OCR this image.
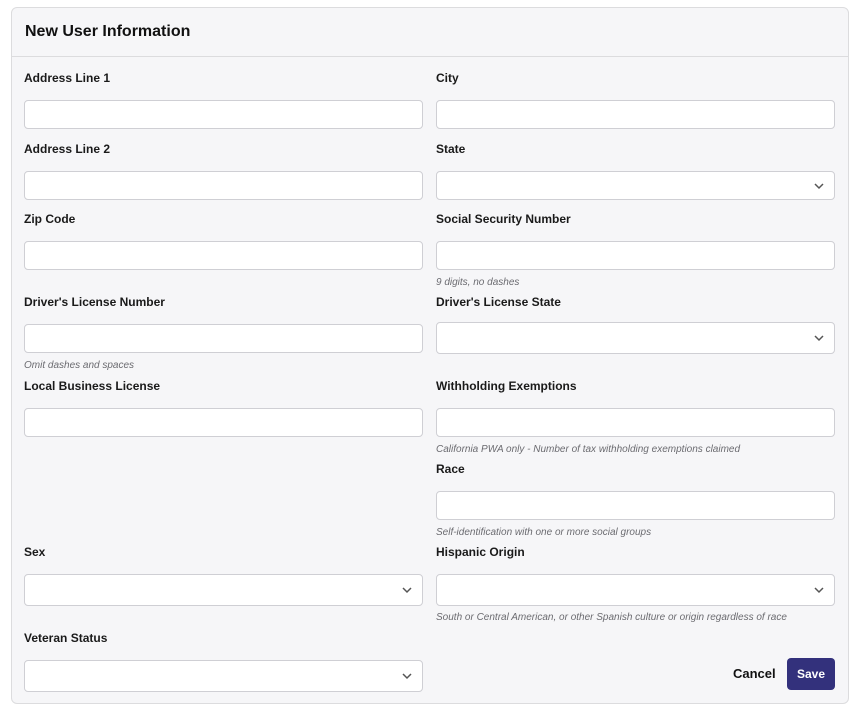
New User Information
Address Line 1
Address Line 2
Zip Code
Driver's License Number
Omit dashes and spaces
Local Business License
Sex
Veteran Status
City
State
Social Security Number
9 digits, no dashes
Driver's License State
Withholding Exemptions
California PWA only - Number of tax withholding exemptions claimed
Race
Self-identification with one or more social groups
Hispanic Origin
South or Central American, or other Spanish culture or origin regardless of race
Cancel	Save
